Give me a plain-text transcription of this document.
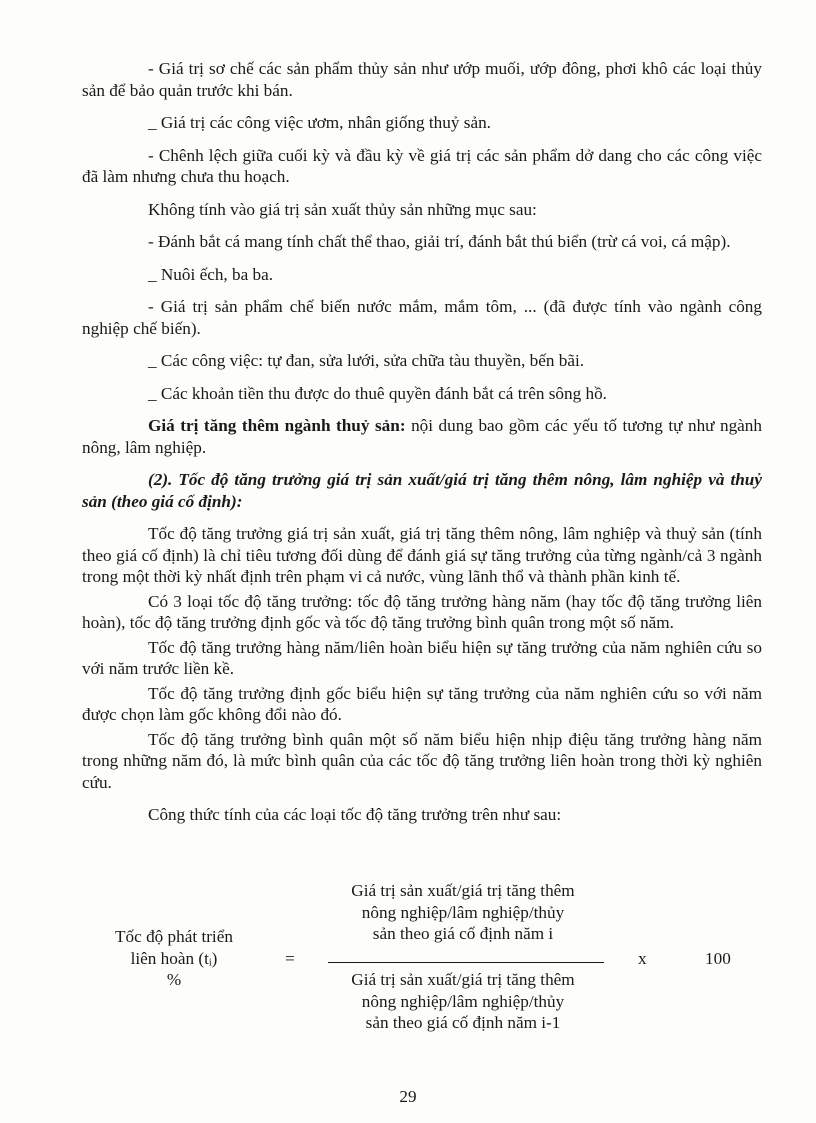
- Giá trị sơ chế các sản phẩm thủy sản như ướp muối, ướp đông, phơi khô các loại thủy sản để bảo quản trước khi bán.

_ Giá trị các công việc ươm, nhân giống thuỷ sản.

- Chênh lệch giữa cuối kỳ và đầu kỳ về giá trị các sản phẩm dở dang cho các công việc đã làm nhưng chưa thu hoạch.

Không tính vào giá trị sản xuất thủy sản những mục sau:

- Đánh bắt cá mang tính chất thể thao, giải trí, đánh bắt thú biển (trừ cá voi, cá mập).

_ Nuôi ếch, ba ba.

- Giá trị sản phẩm chế biến nước mắm, mắm tôm, ... (đã được tính vào ngành công nghiệp chế biến).

_ Các công việc: tự đan, sửa lưới, sửa chữa tàu thuyền, bến bãi.

_ Các khoản tiền thu được do thuê quyền đánh bắt cá trên sông hồ.

Giá trị tăng thêm ngành thuỷ sản: nội dung bao gồm các yếu tố tương tự như ngành nông, lâm nghiệp.

(2). Tốc độ tăng trưởng giá trị sản xuất/giá trị tăng thêm nông, lâm nghiệp và thuỷ sản (theo giá cố định):

Tốc độ tăng trưởng giá trị sản xuất, giá trị tăng thêm nông, lâm nghiệp và thuỷ sản (tính theo giá cố định) là chỉ tiêu tương đối dùng để đánh giá sự tăng trưởng của từng ngành/cả 3 ngành trong một thời kỳ nhất định trên phạm vi cả nước, vùng lãnh thổ và thành phần kinh tế.

Có 3 loại tốc độ tăng trưởng: tốc độ tăng trưởng hàng năm (hay tốc độ tăng trưởng liên hoàn), tốc độ tăng trưởng định gốc và tốc độ tăng trưởng bình quân trong một số năm.

Tốc độ tăng trưởng hàng năm/liên hoàn biểu hiện sự tăng trưởng của năm nghiên cứu so với năm trước liền kề.

Tốc độ tăng trưởng định gốc biểu hiện sự tăng trưởng của năm nghiên cứu so với năm được chọn làm gốc không đổi nào đó.

Tốc độ tăng trưởng bình quân một số năm biểu hiện nhịp điệu tăng trưởng hàng năm trong những năm đó, là mức bình quân của các tốc độ tăng trưởng liên hoàn trong thời kỳ nghiên cứu.

Công thức tính của các loại tốc độ tăng trưởng trên như sau:

Tốc độ phát triển
liên hoàn (tᵢ)
%
=
Giá trị sản xuất/giá trị tăng thêm
nông nghiệp/lâm nghiệp/thủy
sản theo giá cố định năm i
Giá trị sản xuất/giá trị tăng thêm
nông nghiệp/lâm nghiệp/thủy
sản theo giá cố định năm i-1
x	100
29
